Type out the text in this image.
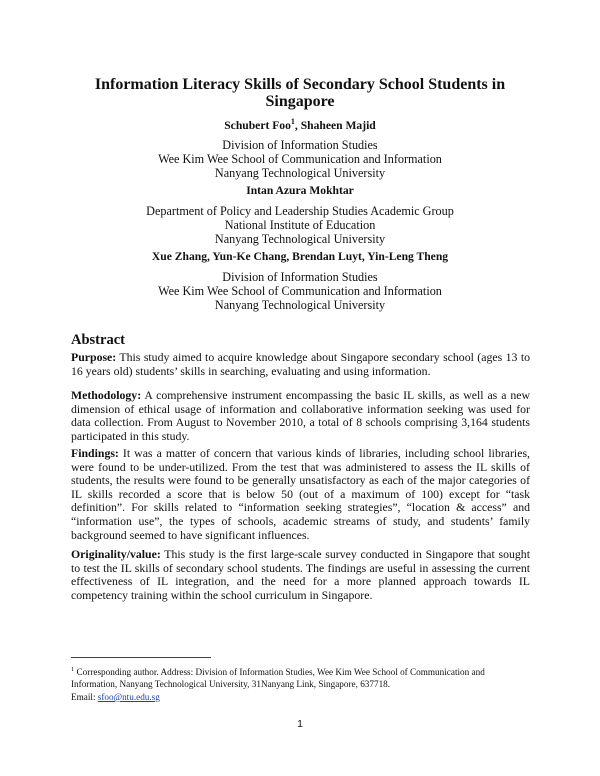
Information Literacy Skills of Secondary School Students in Singapore
Schubert Foo$^1$, Shaheen Majid
Division of Information Studies
Wee Kim Wee School of Communication and Information
Nanyang Technological University
Intan Azura Mokhtar
Department of Policy and Leadership Studies Academic Group
National Institute of Education
Nanyang Technological University
Xue Zhang, Yun-Ke Chang, Brendan Luyt, Yin-Leng Theng
Division of Information Studies
Wee Kim Wee School of Communication and Information
Nanyang Technological University
Abstract

Purpose: This study aimed to acquire knowledge about Singapore secondary school (ages 13 to 16 years old) students’ skills in searching, evaluating and using information.

Methodology: A comprehensive instrument encompassing the basic IL skills, as well as a new dimension of ethical usage of information and collaborative information seeking was used for data collection. From August to November 2010, a total of 8 schools comprising 3,164 students participated in this study.

Findings: It was a matter of concern that various kinds of libraries, including school libraries, were found to be under-utilized. From the test that was administered to assess the IL skills of students, the results were found to be generally unsatisfactory as each of the major categories of IL skills recorded a score that is below 50 (out of a maximum of 100) except for “task definition”. For skills related to “information seeking strategies”, “location & access” and “information use”, the types of schools, academic streams of study, and students’ family background seemed to have significant influences.

Originality/value: This study is the first large-scale survey conducted in Singapore that sought to test the IL skills of secondary school students. The findings are useful in assessing the current effectiveness of IL integration, and the need for a more planned approach towards IL competency training within the school curriculum in Singapore.

$^1$ Corresponding author. Address: Division of Information Studies, Wee Kim Wee School of Communication and Information, Nanyang Technological University, 31Nanyang Link, Singapore, 637718.

Email: sfoo@ntu.edu.sg
1
